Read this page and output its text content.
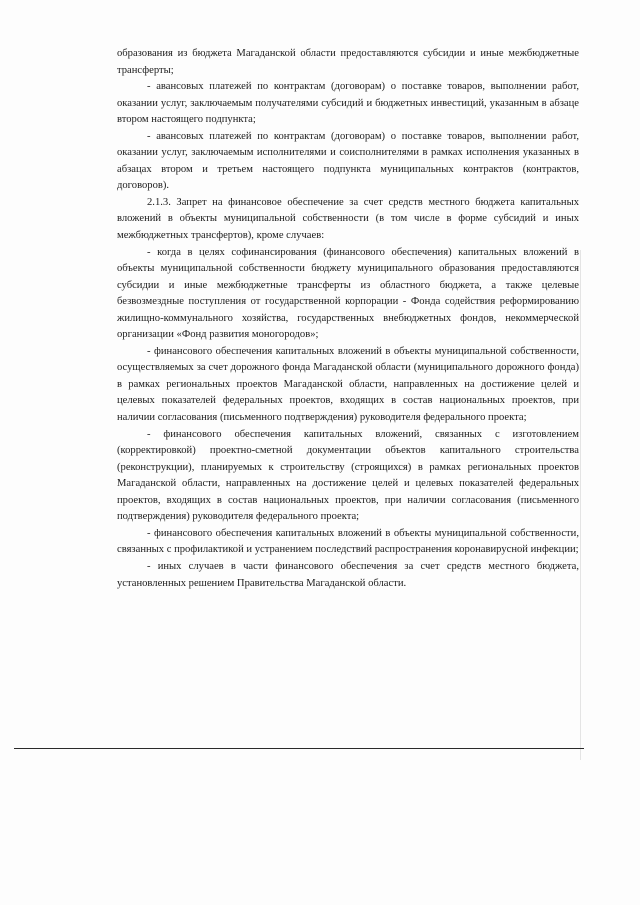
образования из бюджета Магаданской области предоставляются субсидии и иные межбюджетные трансферты;

- авансовых платежей по контрактам (договорам) о поставке товаров, выполнении работ, оказании услуг, заключаемым получателями субсидий и бюджетных инвестиций, указанным в абзаце втором настоящего подпункта;

- авансовых платежей по контрактам (договорам) о поставке товаров, выполнении работ, оказании услуг, заключаемым исполнителями и соисполнителями в рамках исполнения указанных в абзацах втором и третьем настоящего подпункта муниципальных контрактов (контрактов, договоров).

2.1.3. Запрет на финансовое обеспечение за счет средств местного бюджета капитальных вложений в объекты муниципальной собственности (в том числе в форме субсидий и иных межбюджетных трансфертов), кроме случаев:

- когда в целях софинансирования (финансового обеспечения) капитальных вложений в объекты муниципальной собственности бюджету муниципального образования предоставляются субсидии и иные межбюджетные трансферты из областного бюджета, а также целевые безвозмездные поступления от государственной корпорации - Фонда содействия реформированию жилищно-коммунального хозяйства, государственных внебюджетных фондов, некоммерческой организации «Фонд развития моногородов»;

- финансового обеспечения капитальных вложений в объекты муниципальной собственности, осуществляемых за счет дорожного фонда Магаданской области (муниципального дорожного фонда) в рамках региональных проектов Магаданской области, направленных на достижение целей и целевых показателей федеральных проектов, входящих в состав национальных проектов, при наличии согласования (письменного подтверждения) руководителя федерального проекта;

- финансового обеспечения капитальных вложений, связанных с изготовлением (корректировкой) проектно-сметной документации объектов капитального строительства (реконструкции), планируемых к строительству (строящихся) в рамках региональных проектов Магаданской области, направленных на достижение целей и целевых показателей федеральных проектов, входящих в состав национальных проектов, при наличии согласования (письменного подтверждения) руководителя федерального проекта;

- финансового обеспечения капитальных вложений в объекты муниципальной собственности, связанных с профилактикой и устранением последствий распространения коронавирусной инфекции;

- иных случаев в части финансового обеспечения за счет средств местного бюджета, установленных решением Правительства Магаданской области.
